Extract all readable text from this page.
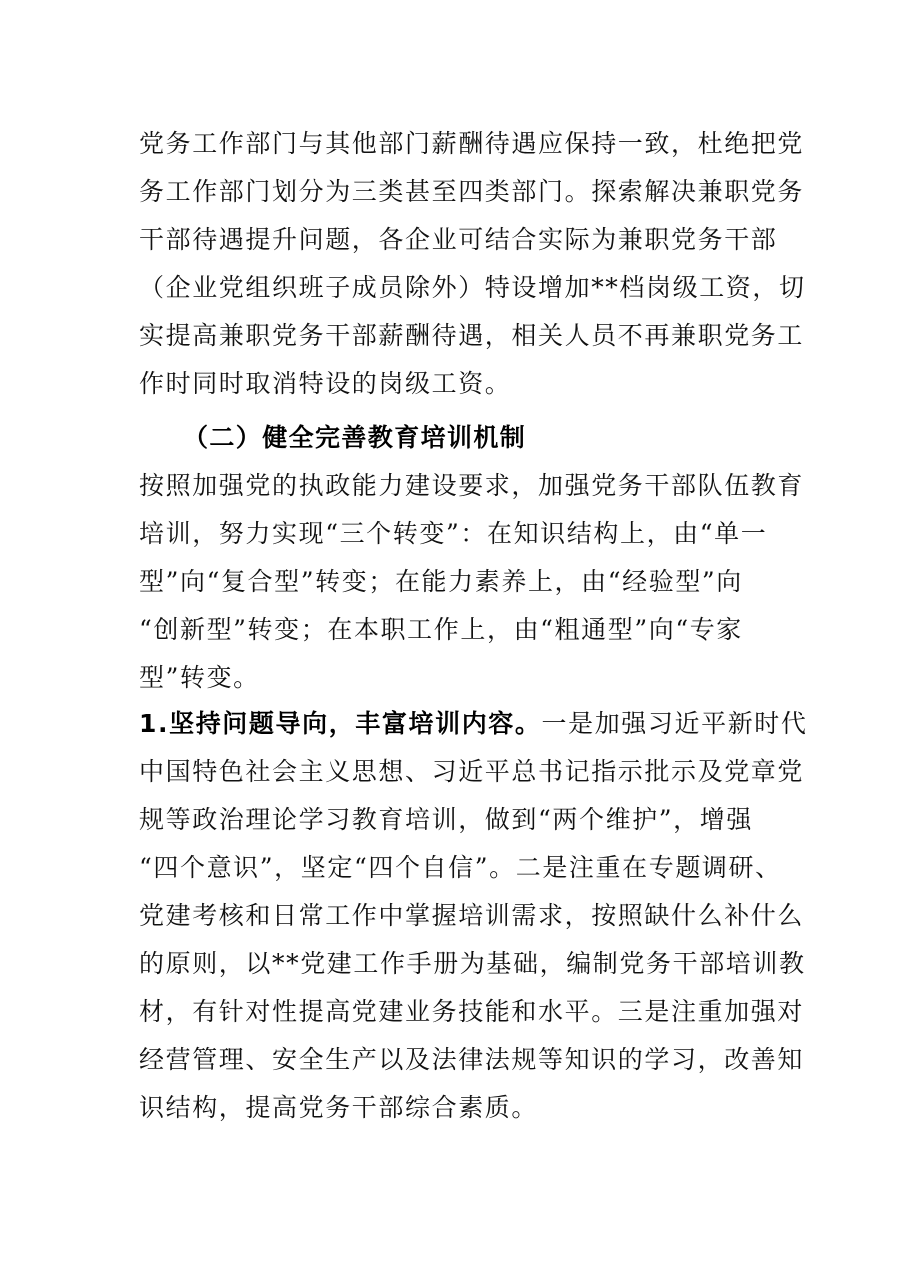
党务工作部门与其他部门薪酬待遇应保持一致，杜绝把党
务工作部门划分为三类甚至四类部门。探索解决兼职党务
干部待遇提升问题，各企业可结合实际为兼职党务干部
（企业党组织班子成员除外）特设增加**档岗级工资，切
实提高兼职党务干部薪酬待遇，相关人员不再兼职党务工
作时同时取消特设的岗级工资。
（二）健全完善教育培训机制
按照加强党的执政能力建设要求，加强党务干部队伍教育
培训，努力实现“三个转变”：在知识结构上，由“单一
型”向“复合型”转变；在能力素养上，由“经验型”向
“创新型”转变；在本职工作上，由“粗通型”向“专家
型”转变。
1.坚持问题导向，丰富培训内容。一是加强习近平新时代
中国特色社会主义思想、习近平总书记指示批示及党章党
规等政治理论学习教育培训，做到“两个维护”，增强
“四个意识”，坚定“四个自信”。二是注重在专题调研、
党建考核和日常工作中掌握培训需求，按照缺什么补什么
的原则，以**党建工作手册为基础，编制党务干部培训教
材，有针对性提高党建业务技能和水平。三是注重加强对
经营管理、安全生产以及法律法规等知识的学习，改善知
识结构，提高党务干部综合素质。
